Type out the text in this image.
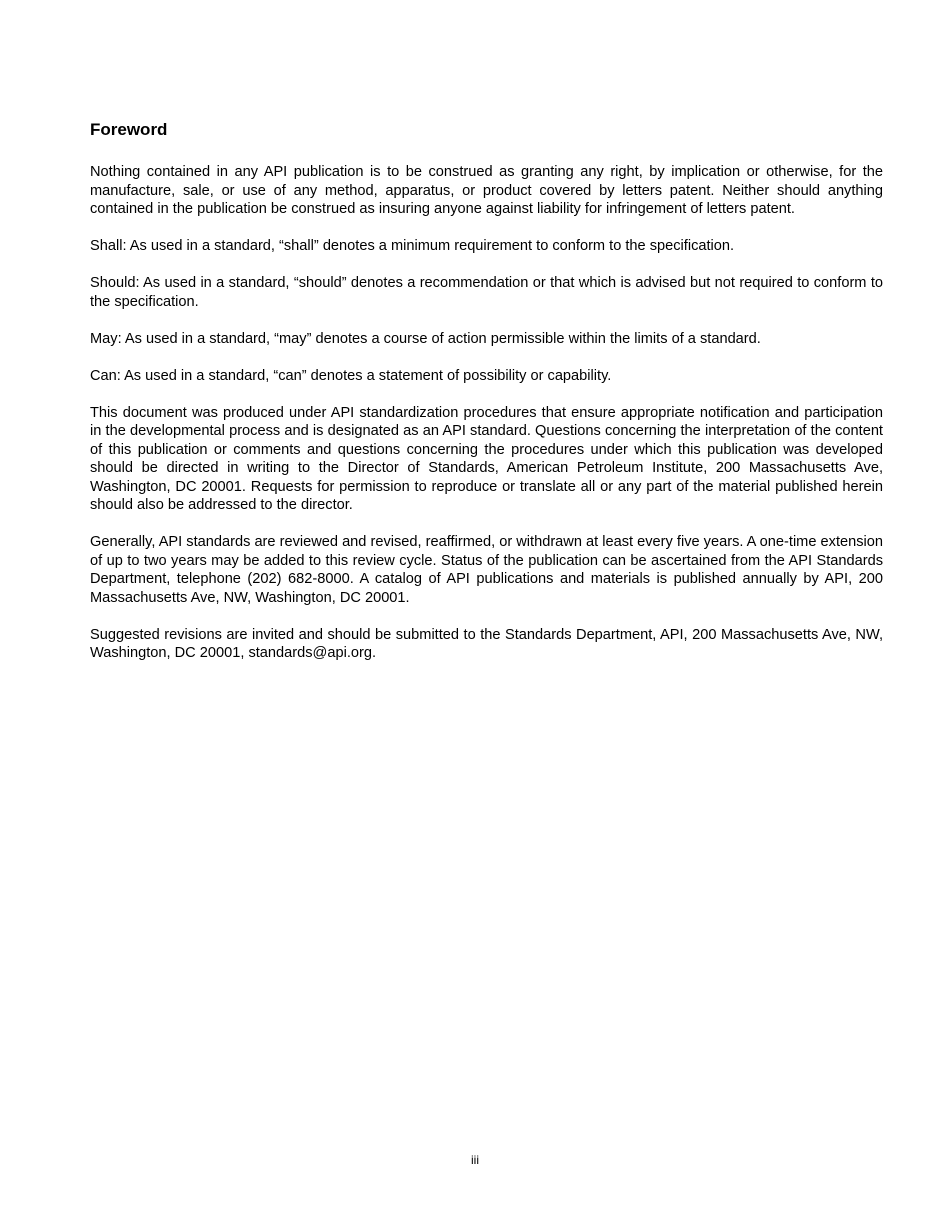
Foreword

Nothing contained in any API publication is to be construed as granting any right, by implication or otherwise, for the manufacture, sale, or use of any method, apparatus, or product covered by letters patent. Neither should anything contained in the publication be construed as insuring anyone against liability for infringement of letters patent.

Shall: As used in a standard, “shall” denotes a minimum requirement to conform to the specification.

Should: As used in a standard, “should” denotes a recommendation or that which is advised but not required to conform to the specification.

May: As used in a standard, “may” denotes a course of action permissible within the limits of a standard.

Can: As used in a standard, “can” denotes a statement of possibility or capability.

This document was produced under API standardization procedures that ensure appropriate notification and participation in the developmental process and is designated as an API standard. Questions concerning the interpretation of the content of this publication or comments and questions concerning the procedures under which this publication was developed should be directed in writing to the Director of Standards, American Petroleum Institute, 200 Massachusetts Ave, Washington, DC 20001. Requests for permission to reproduce or translate all or any part of the material published herein should also be addressed to the director.

Generally, API standards are reviewed and revised, reaffirmed, or withdrawn at least every five years. A one-time extension of up to two years may be added to this review cycle. Status of the publication can be ascertained from the API Standards Department, telephone (202) 682-8000. A catalog of API publications and materials is published annually by API, 200 Massachusetts Ave, NW, Washington, DC 20001.

Suggested revisions are invited and should be submitted to the Standards Department, API, 200 Massachusetts Ave, NW, Washington, DC 20001, standards@api.org.

iii
